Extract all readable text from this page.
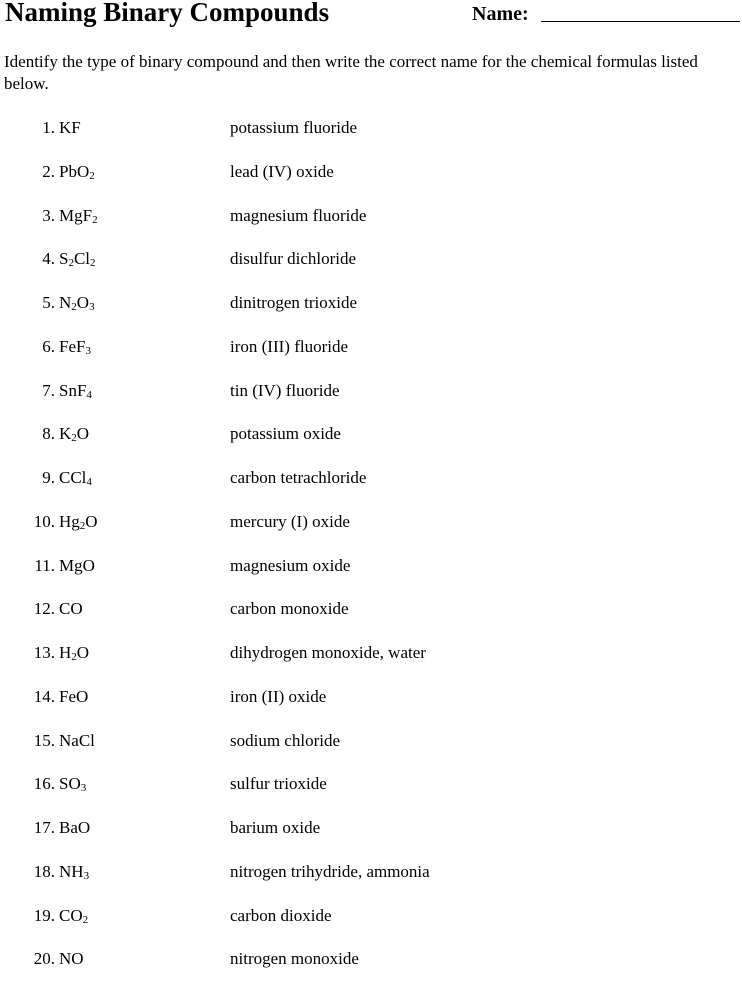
Naming Binary Compounds	Name:
Identify the type of binary compound and then write the correct name for the chemical formulas listed below.
1. KF	potassium fluoride
2. PbO$_2$	lead (IV) oxide
3. MgF$_2$	magnesium fluoride
4. $S_2Cl_2$	disulfur dichloride
5. $N_2O_3$	dinitrogen trioxide
6. FeF$_3$	iron (III) fluoride
7. SnF$_4$	tin (IV) fluoride
8. $K_2O$	potassium oxide
9. CCl$_4$	carbon tetrachloride
10. $Hg_2O$	mercury (I) oxide
11. MgO	magnesium oxide
12. CO	carbon monoxide
13. $H_2O$	dihydrogen monoxide, water
14. FeO	iron (II) oxide
15. NaCl	sodium chloride
16. $SO_3$	sulfur trioxide
17. BaO	barium oxide
18. $NH_3$	nitrogen trihydride, ammonia
19. $CO_2$	carbon dioxide
20. NO	nitrogen monoxide
